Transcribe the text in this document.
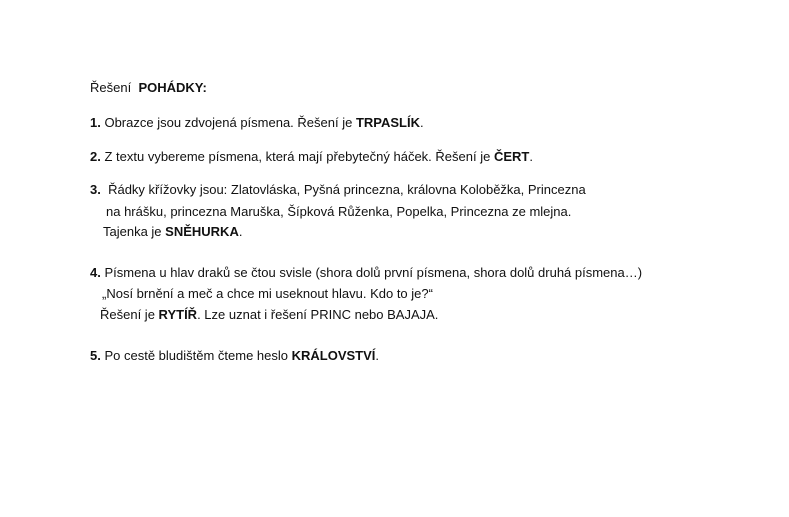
Řešení POHÁDKY:
1. Obrazce jsou zdvojená písmena. Řešení je TRPASLÍK.
2. Z textu vybereme písmena, která mají přebytečný háček. Řešení je ČERT.
3. Řádky křížovky jsou: Zlatovláska, Pyšná princezna, královna Koloběžka, Princezna
na hrášku, princezna Maruška, Šípková Růženka, Popelka, Princezna ze mlejna.
Tajenka je SNĚHURKA.
4. Písmena u hlav draků se čtou svisle (shora dolů první písmena, shora dolů druhá písmena…)
„Nosí brnění a meč a chce mi useknout hlavu. Kdo to je?“
Řešení je RYTÍŘ. Lze uznat i řešení PRINC nebo BAJAJA.
5. Po cestě bludištěm čteme heslo KRÁLOVSTVÍ.
